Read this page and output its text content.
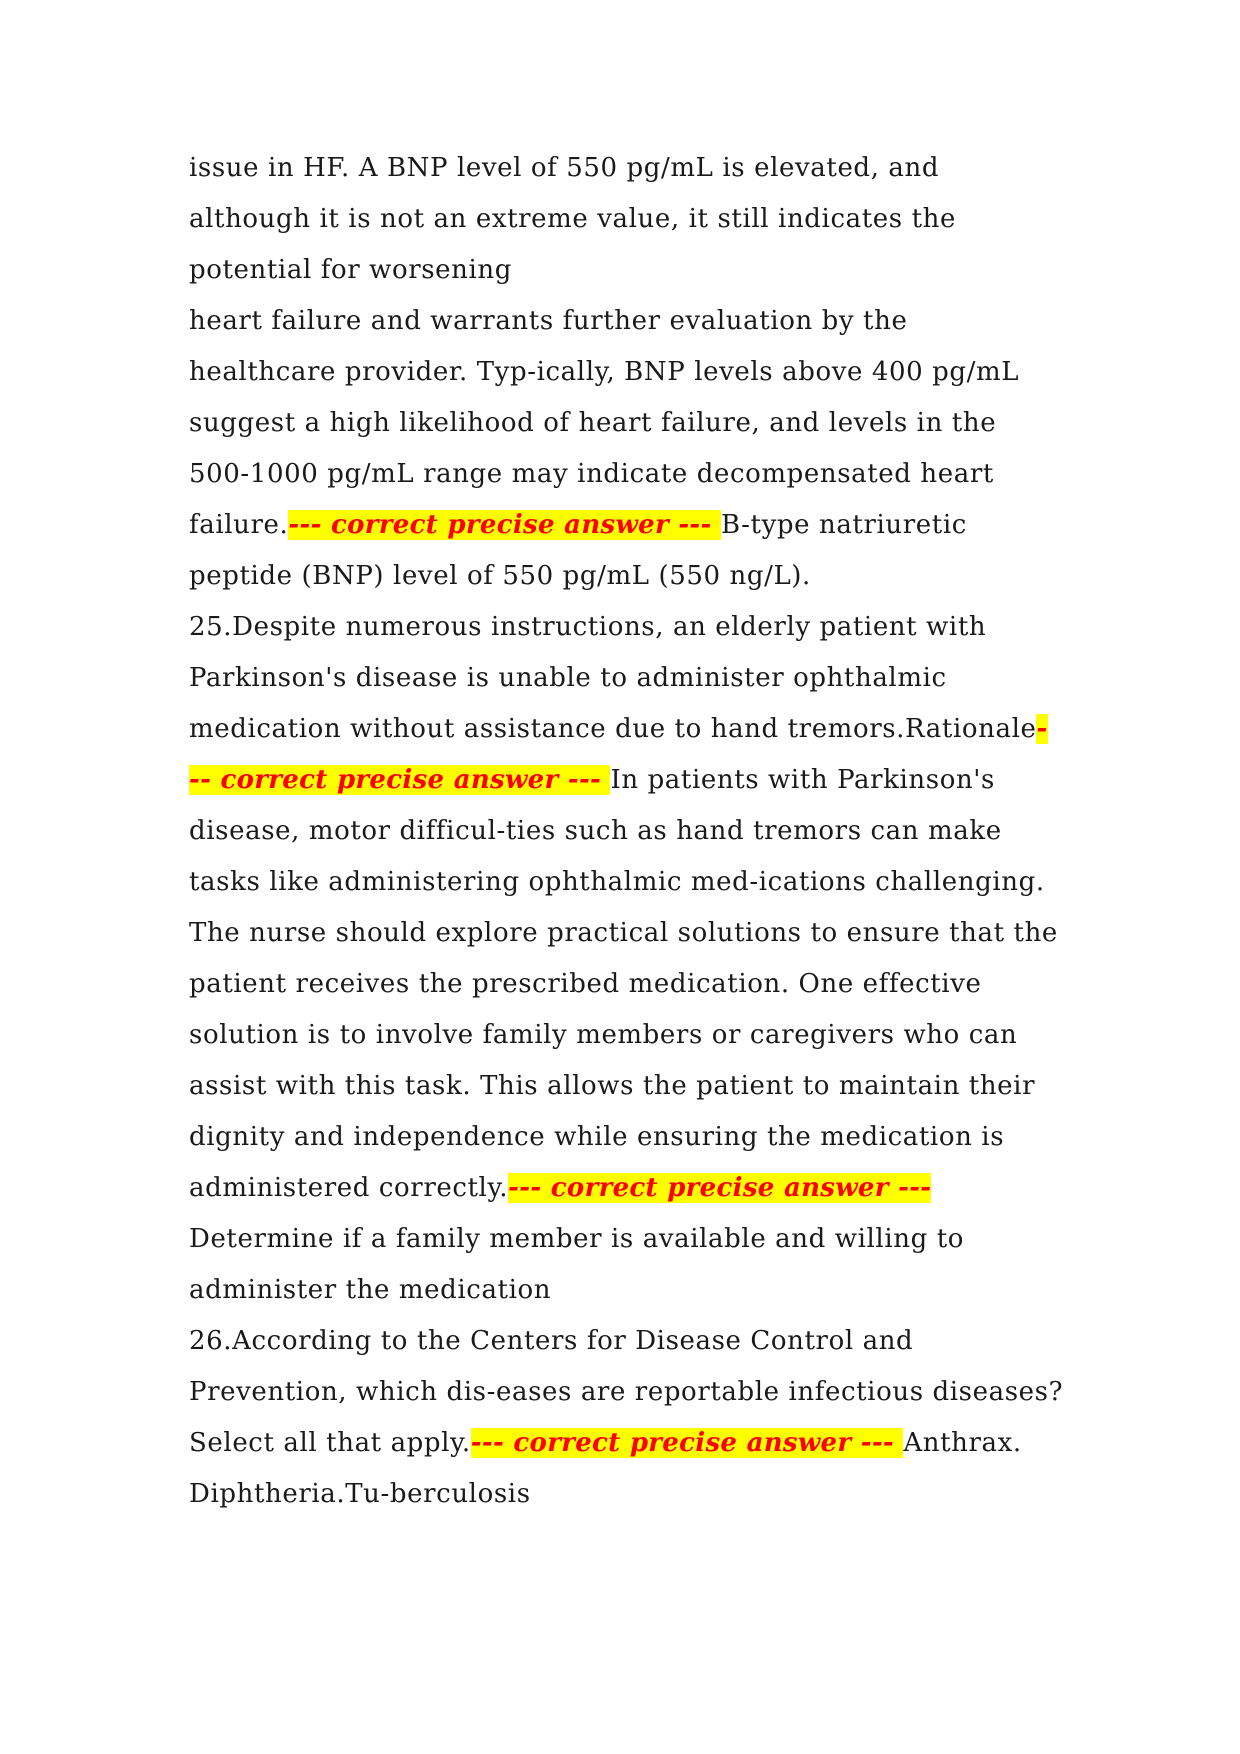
issue in HF. A BNP level of 550 pg/mL is elevated, and
although it is not an extreme value, it still indicates the
potential for worsening
heart failure and warrants further evaluation by the
healthcare provider. Typ-ically, BNP levels above 400 pg/mL
suggest a high likelihood of heart failure, and levels in the
500-1000 pg/mL range may indicate decompensated heart
failure.--- correct precise answer --- B-type natriuretic
peptide (BNP) level of 550 pg/mL (550 ng/L).
25.Despite numerous instructions, an elderly patient with
Parkinson's disease is unable to administer ophthalmic
medication without assistance due to hand tremors.Rationale-
-- correct precise answer --- In patients with Parkinson's
disease, motor difficul-ties such as hand tremors can make
tasks like administering ophthalmic med-ications challenging.
The nurse should explore practical solutions to ensure that the
patient receives the prescribed medication. One effective
solution is to involve family members or caregivers who can
assist with this task. This allows the patient to maintain their
dignity and independence while ensuring the medication is
administered correctly.--- correct precise answer ---
Determine if a family member is available and willing to
administer the medication
26.According to the Centers for Disease Control and
Prevention, which dis-eases are reportable infectious diseases?
Select all that apply.--- correct precise answer --- Anthrax.
Diphtheria.Tu-berculosis
